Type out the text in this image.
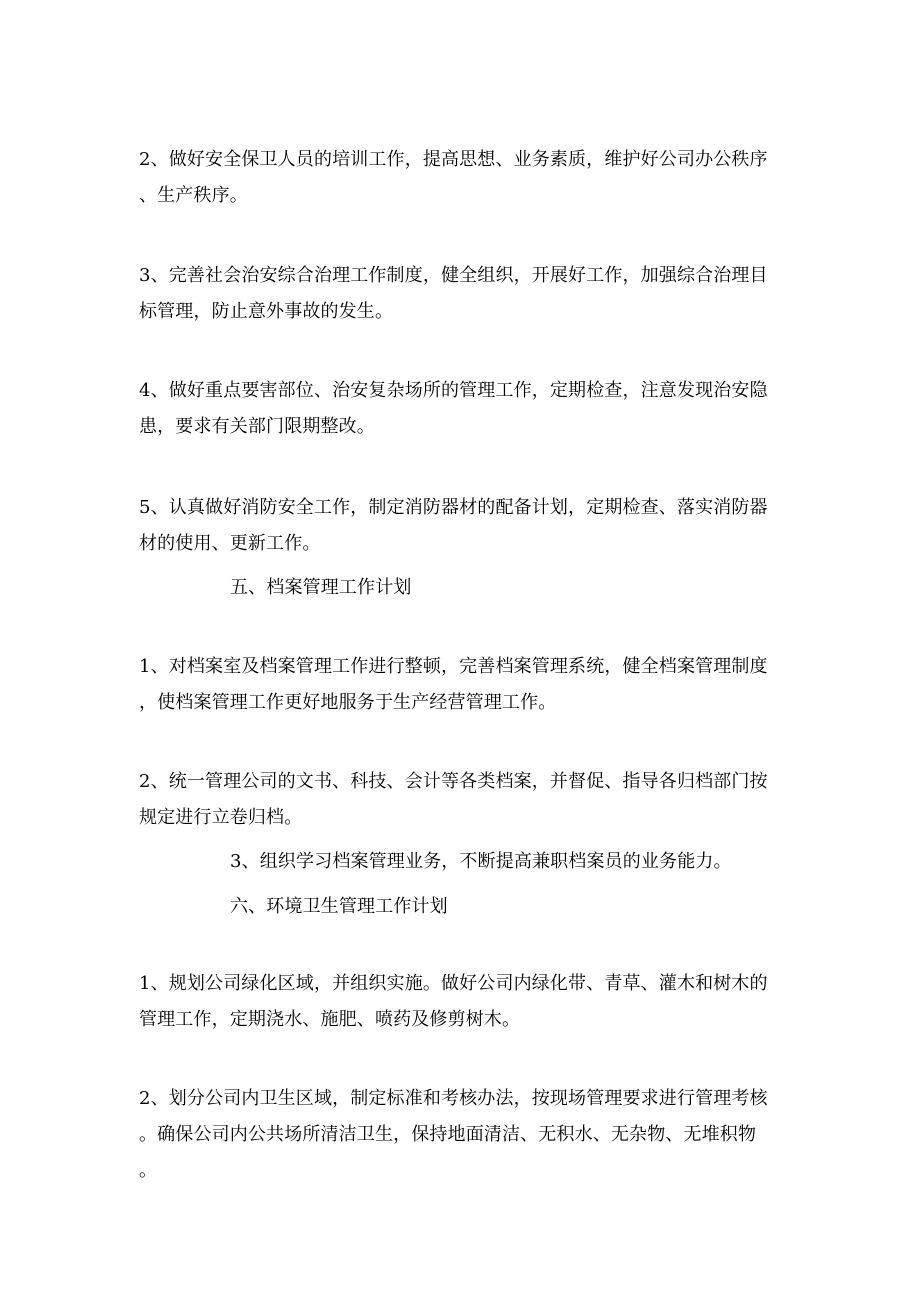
2、做好安全保卫人员的培训工作，提高思想、业务素质，维护好公司办公秩序
、生产秩序。
3、完善社会治安综合治理工作制度，健全组织，开展好工作，加强综合治理目
标管理，防止意外事故的发生。
4、做好重点要害部位、治安复杂场所的管理工作，定期检查，注意发现治安隐
患，要求有关部门限期整改。
5、认真做好消防安全工作，制定消防器材的配备计划，定期检查、落实消防器
材的使用、更新工作。
五、档案管理工作计划
1、对档案室及档案管理工作进行整顿，完善档案管理系统，健全档案管理制度
，使档案管理工作更好地服务于生产经营管理工作。
2、统一管理公司的文书、科技、会计等各类档案，并督促、指导各归档部门按
规定进行立卷归档。
3、组织学习档案管理业务，不断提高兼职档案员的业务能力。
六、环境卫生管理工作计划
1、规划公司绿化区域，并组织实施。做好公司内绿化带、青草、灌木和树木的
管理工作，定期浇水、施肥、喷药及修剪树木。
2、划分公司内卫生区域，制定标准和考核办法，按现场管理要求进行管理考核
。确保公司内公共场所清洁卫生，保持地面清洁、无积水、无杂物、无堆积物
。
